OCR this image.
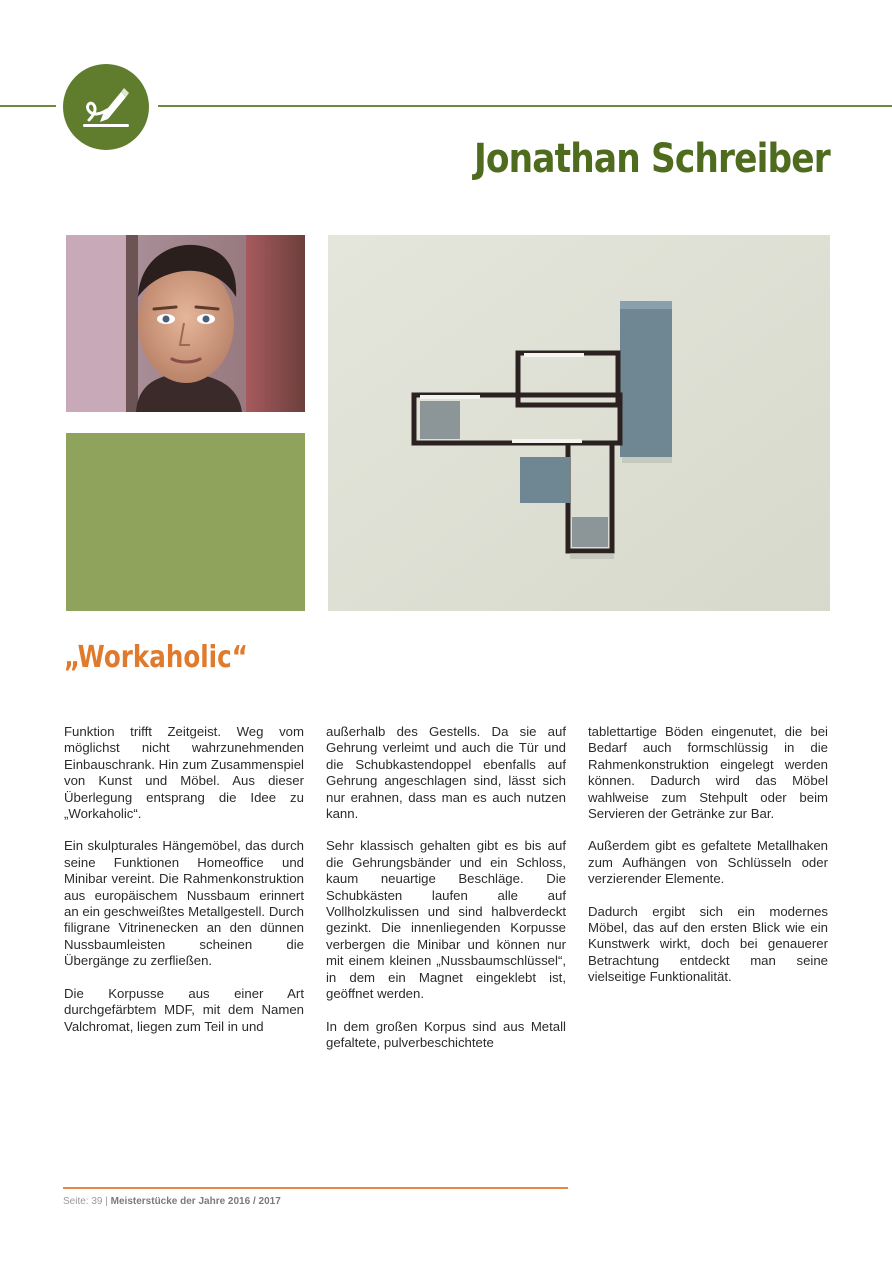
Jonathan Schreiber
„Workaholic“

Funktion trifft Zeitgeist. Weg vom möglichst nicht wahrzunehmenden Einbauschrank. Hin zum Zusammenspiel von Kunst und Möbel. Aus dieser Überlegung entsprang die Idee zu „Workaholic“.

Ein skulpturales Hängemöbel, das durch seine Funktionen Homeoffice und Minibar vereint. Die Rahmenkonstruktion aus europäischem Nussbaum erinnert an ein geschweißtes Metallgestell. Durch filigrane Vitrinenecken an den dünnen Nussbaumleisten scheinen die Übergänge zu zerfließen.

Die Korpusse aus einer Art durchgefärbtem MDF, mit dem Namen Valchromat, liegen zum Teil in und

außerhalb des Gestells. Da sie auf Gehrung verleimt und auch die Tür und die Schubkastendoppel ebenfalls auf Gehrung angeschlagen sind, lässt sich nur erahnen, dass man es auch nutzen kann.

Sehr klassisch gehalten gibt es bis auf die Gehrungsbänder und ein Schloss, kaum neuartige Beschläge. Die Schubkästen laufen alle auf Vollholzkulissen und sind halbverdeckt gezinkt. Die innenliegenden Korpusse verbergen die Minibar und können nur mit einem kleinen „Nussbaumschlüssel“, in dem ein Magnet eingeklebt ist, geöffnet werden.

In dem großen Korpus sind aus Metall gefaltete, pulverbeschichtete

tablettartige Böden eingenutet, die bei Bedarf auch formschlüssig in die Rahmenkonstruktion eingelegt werden können. Dadurch wird das Möbel wahlweise zum Stehpult oder beim Servieren der Getränke zur Bar.

Außerdem gibt es gefaltete Metallhaken zum Aufhängen von Schlüsseln oder verzierender Elemente.

Dadurch ergibt sich ein modernes Möbel, das auf den ersten Blick wie ein Kunstwerk wirkt, doch bei genauerer Betrachtung entdeckt man seine vielseitige Funktionalität.

Seite: 39 | Meisterstücke der Jahre 2016 / 2017
